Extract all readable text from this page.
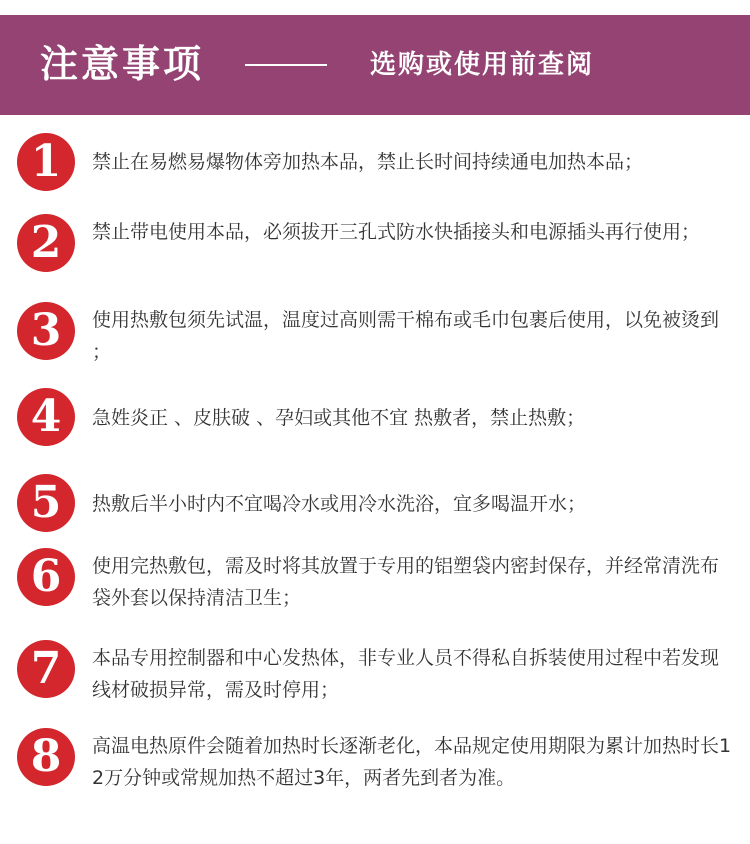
注意事项	选购或使用前查阅
1	禁止在易燃易爆物体旁加热本品，禁止长时间持续通电加热本品；
2	禁止带电使用本品，必须拔开三孔式防水快插接头和电源插头再行使用；
3	使用热敷包须先试温，温度过高则需干棉布或毛巾包裹后使用，以免被烫到 ；
4	急姓炎正 、皮肤破 、孕妇或其他不宜 热敷者，禁止热敷；
5	热敷后半小时内不宜喝冷水或用冷水洗浴，宜多喝温开水；
6	使用完热敷包，需及时将其放置于专用的铝塑袋内密封保存，并经常清洗布袋外套以保持清洁卫生；
7	本品专用控制器和中心发热体，非专业人员不得私自拆装使用过程中若发现线材破损异常，需及时停用；
8	高温电热原件会随着加热时长逐渐老化，本品规定使用期限为累计加热时长12万分钟或常规加热不超过3年，两者先到者为准。
